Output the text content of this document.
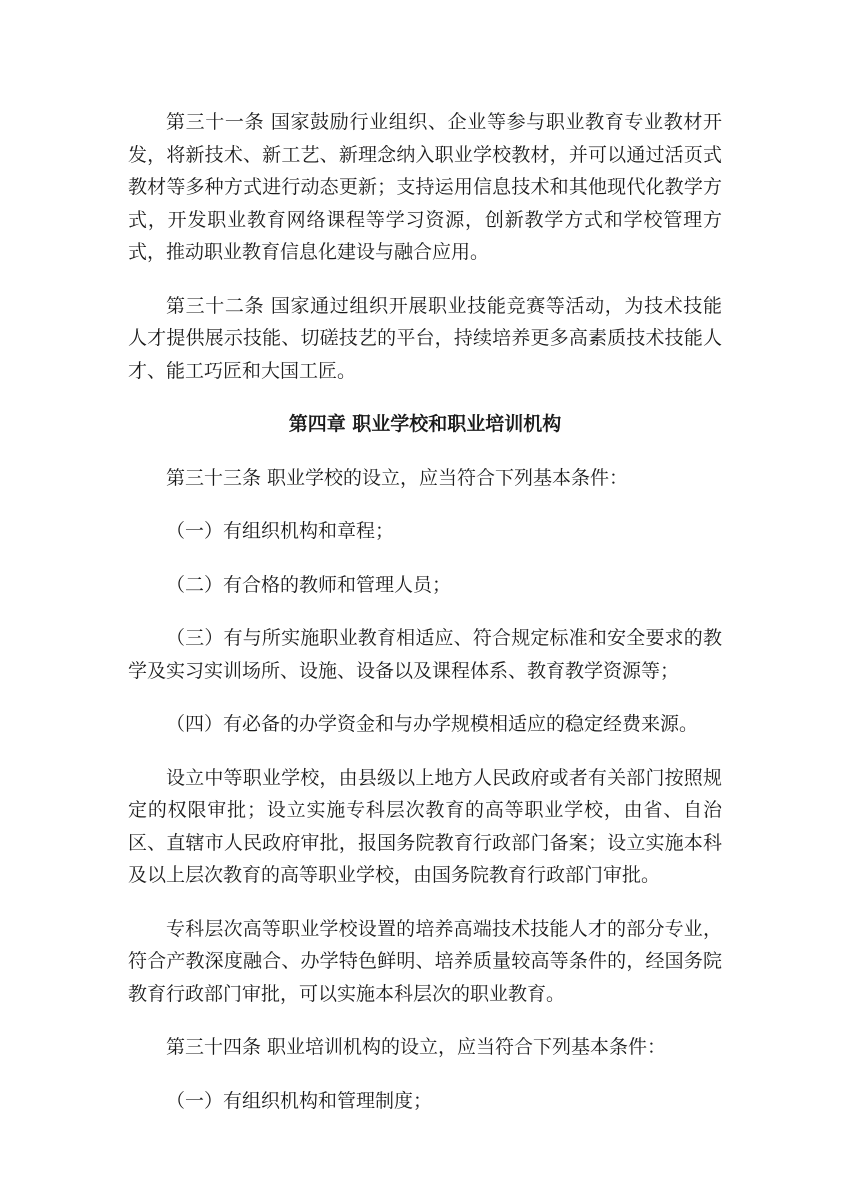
第三十一条 国家鼓励行业组织、企业等参与职业教育专业教材开发，将新技术、新工艺、新理念纳入职业学校教材，并可以通过活页式教材等多种方式进行动态更新；支持运用信息技术和其他现代化教学方式，开发职业教育网络课程等学习资源，创新教学方式和学校管理方式，推动职业教育信息化建设与融合应用。

第三十二条 国家通过组织开展职业技能竞赛等活动，为技术技能人才提供展示技能、切磋技艺的平台，持续培养更多高素质技术技能人才、能工巧匠和大国工匠。

第四章 职业学校和职业培训机构

第三十三条 职业学校的设立，应当符合下列基本条件：

（一）有组织机构和章程；

（二）有合格的教师和管理人员；

（三）有与所实施职业教育相适应、符合规定标准和安全要求的教学及实习实训场所、设施、设备以及课程体系、教育教学资源等；

（四）有必备的办学资金和与办学规模相适应的稳定经费来源。

设立中等职业学校，由县级以上地方人民政府或者有关部门按照规定的权限审批；设立实施专科层次教育的高等职业学校，由省、自治区、直辖市人民政府审批，报国务院教育行政部门备案；设立实施本科及以上层次教育的高等职业学校，由国务院教育行政部门审批。

专科层次高等职业学校设置的培养高端技术技能人才的部分专业，符合产教深度融合、办学特色鲜明、培养质量较高等条件的，经国务院教育行政部门审批，可以实施本科层次的职业教育。

第三十四条 职业培训机构的设立，应当符合下列基本条件：

（一）有组织机构和管理制度；
